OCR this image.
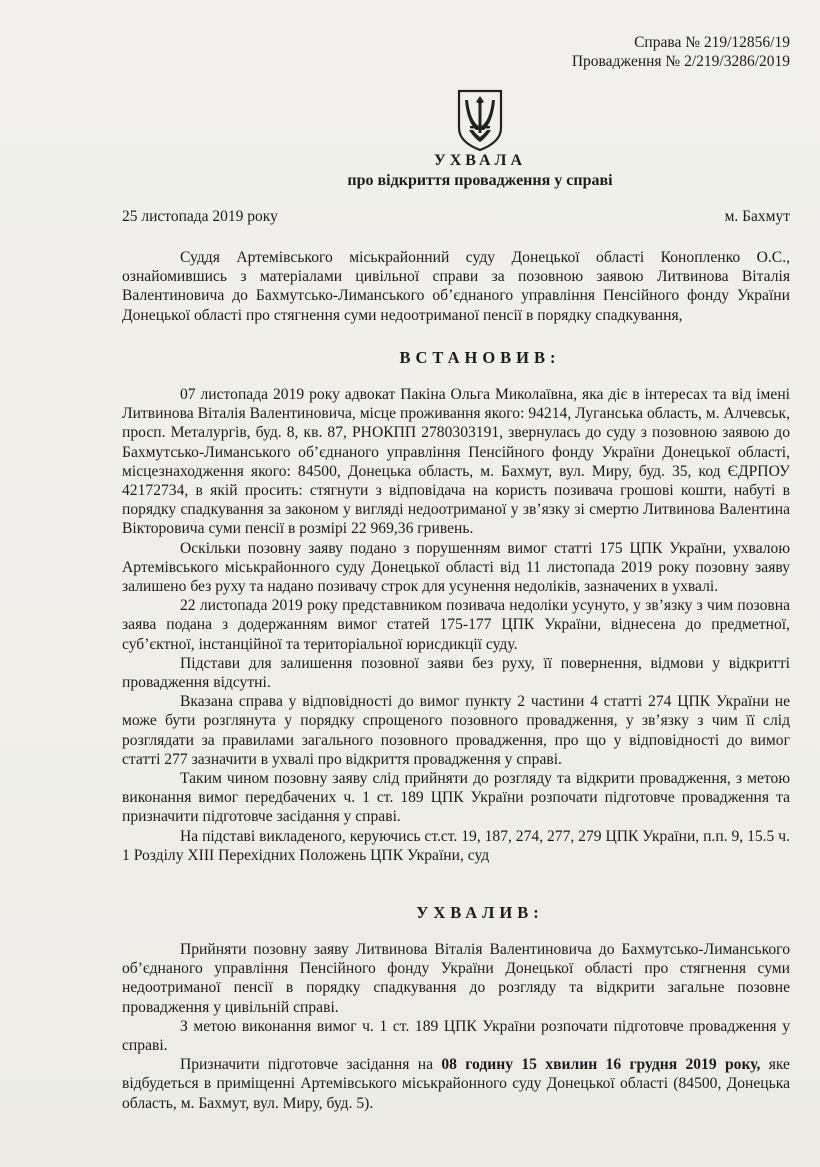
Справа № 219/12856/19
Провадження № 2/219/3286/2019
УХВАЛА
про відкриття провадження у справі
25 листопада 2019 року	м. Бахмут

Суддя Артемівського міськрайонний суду Донецької області Конопленко О.С., ознайомившись з матеріалами цивільної справи за позовною заявою Литвинова Віталія Валентиновича до Бахмутсько-Лиманського об’єднаного управління Пенсійного фонду України Донецької області про стягнення суми недоотриманої пенсії в порядку спадкування,

ВСТАНОВИВ:

07 листопада 2019 року адвокат Пакіна Ольга Миколаївна, яка діє в інтересах та від імені Литвинова Віталія Валентиновича, місце проживання якого: 94214, Луганська область, м. Алчевськ, просп. Металургів, буд. 8, кв. 87, РНОКПП 2780303191, звернулась до суду з позовною заявою до Бахмутсько-Лиманського об’єднаного управління Пенсійного фонду України Донецької області, місцезнаходження якого: 84500, Донецька область, м. Бахмут, вул. Миру, буд. 35, код ЄДРПОУ 42172734, в якій просить: стягнути з відповідача на користь позивача грошові кошти, набуті в порядку спадкування за законом у вигляді недоотриманої у зв’язку зі смертю Литвинова Валентина Вікторовича суми пенсії в розмірі 22 969,36 гривень.

Оскільки позовну заяву подано з порушенням вимог статті 175 ЦПК України, ухвалою Артемівського міськрайонного суду Донецької області від 11 листопада 2019 року позовну заяву залишено без руху та надано позивачу строк для усунення недоліків, зазначених в ухвалі.

22 листопада 2019 року представником позивача недоліки усунуто, у зв’язку з чим позовна заява подана з додержанням вимог статей 175-177 ЦПК України, віднесена до предметної, суб’єктної, інстанційної та територіальної юрисдикції суду.

Підстави для залишення позовної заяви без руху, її повернення, відмови у відкритті провадження відсутні.

Вказана справа у відповідності до вимог пункту 2 частини 4 статті 274 ЦПК України не може бути розглянута у порядку спрощеного позовного провадження, у зв’язку з чим її слід розглядати за правилами загального позовного провадження, про що у відповідності до вимог статті 277 зазначити в ухвалі про відкриття провадження у справі.

Таким чином позовну заяву слід прийняти до розгляду та відкрити провадження, з метою виконання вимог передбачених ч. 1 ст. 189 ЦПК України розпочати підготовче провадження та призначити підготовче засідання у справі.

На підставі викладеного, керуючись ст.ст. 19, 187, 274, 277, 279 ЦПК України, п.п. 9, 15.5 ч. 1 Розділу ХІІІ Перехідних Положень ЦПК України, суд

УХВАЛИВ:

Прийняти позовну заяву Литвинова Віталія Валентиновича до Бахмутсько-Лиманського об’єднаного управління Пенсійного фонду України Донецької області про стягнення суми недоотриманої пенсії в порядку спадкування до розгляду та відкрити загальне позовне провадження у цивільній справі.

З метою виконання вимог ч. 1 ст. 189 ЦПК України розпочати підготовче провадження у справі.

Призначити підготовче засідання на 08 годину 15 хвилин 16 грудня 2019 року, яке відбудеться в приміщенні Артемівського міськрайонного суду Донецької області (84500, Донецька область, м. Бахмут, вул. Миру, буд. 5).
